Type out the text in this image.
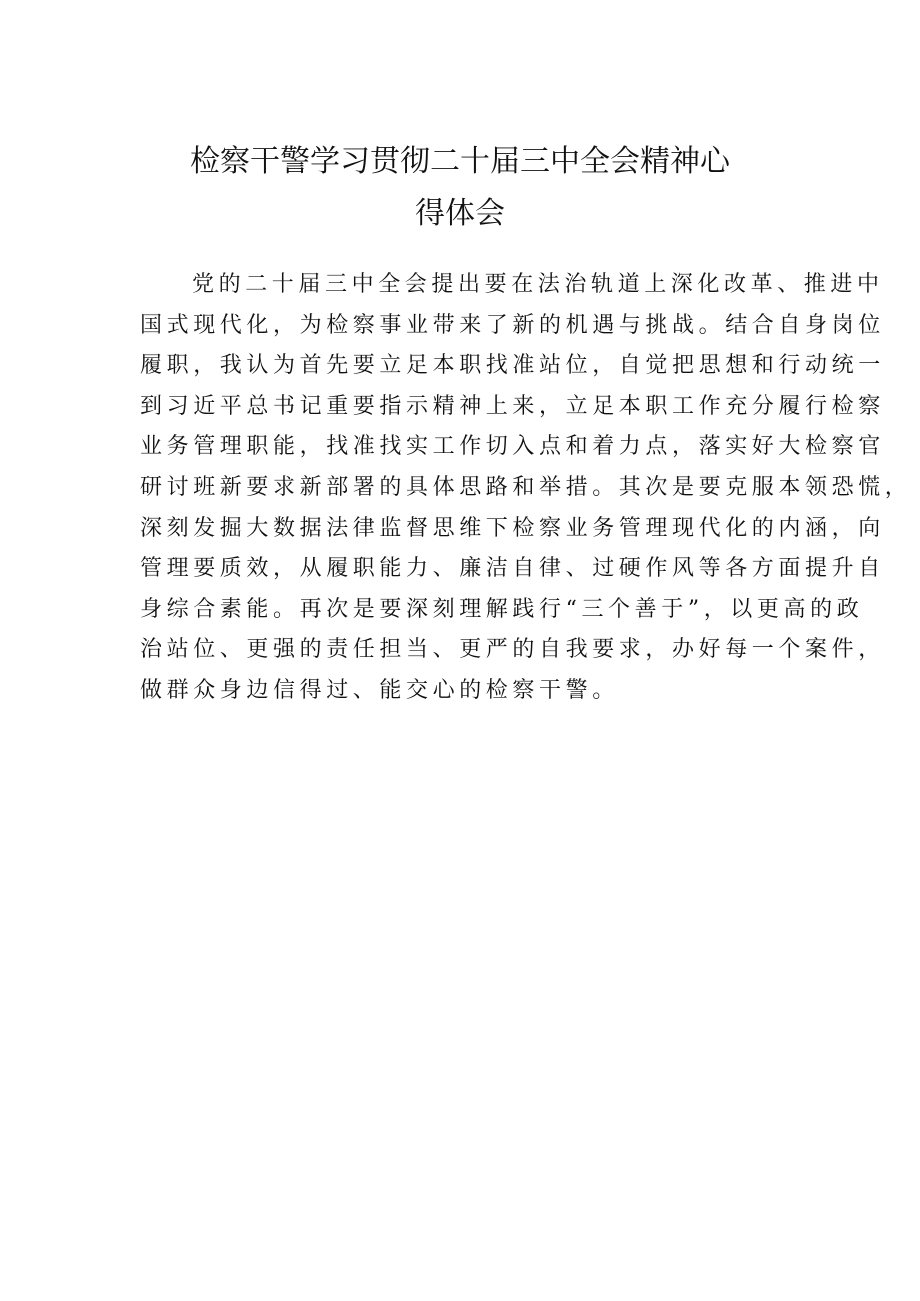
检察干警学习贯彻二十届三中全会精神心
得体会
党的二十届三中全会提出要在法治轨道上深化改革、推进中
国式现代化，为检察事业带来了新的机遇与挑战。结合自身岗位
履职，我认为首先要立足本职找准站位，自觉把思想和行动统一
到习近平总书记重要指示精神上来，立足本职工作充分履行检察
业务管理职能，找准找实工作切入点和着力点，落实好大检察官
研讨班新要求新部署的具体思路和举措。其次是要克服本领恐慌，
深刻发掘大数据法律监督思维下检察业务管理现代化的内涵，向
管理要质效，从履职能力、廉洁自律、过硬作风等各方面提升自
身综合素能。再次是要深刻理解践行“三个善于”，以更高的政
治站位、更强的责任担当、更严的自我要求，办好每一个案件，
做群众身边信得过、能交心的检察干警。
